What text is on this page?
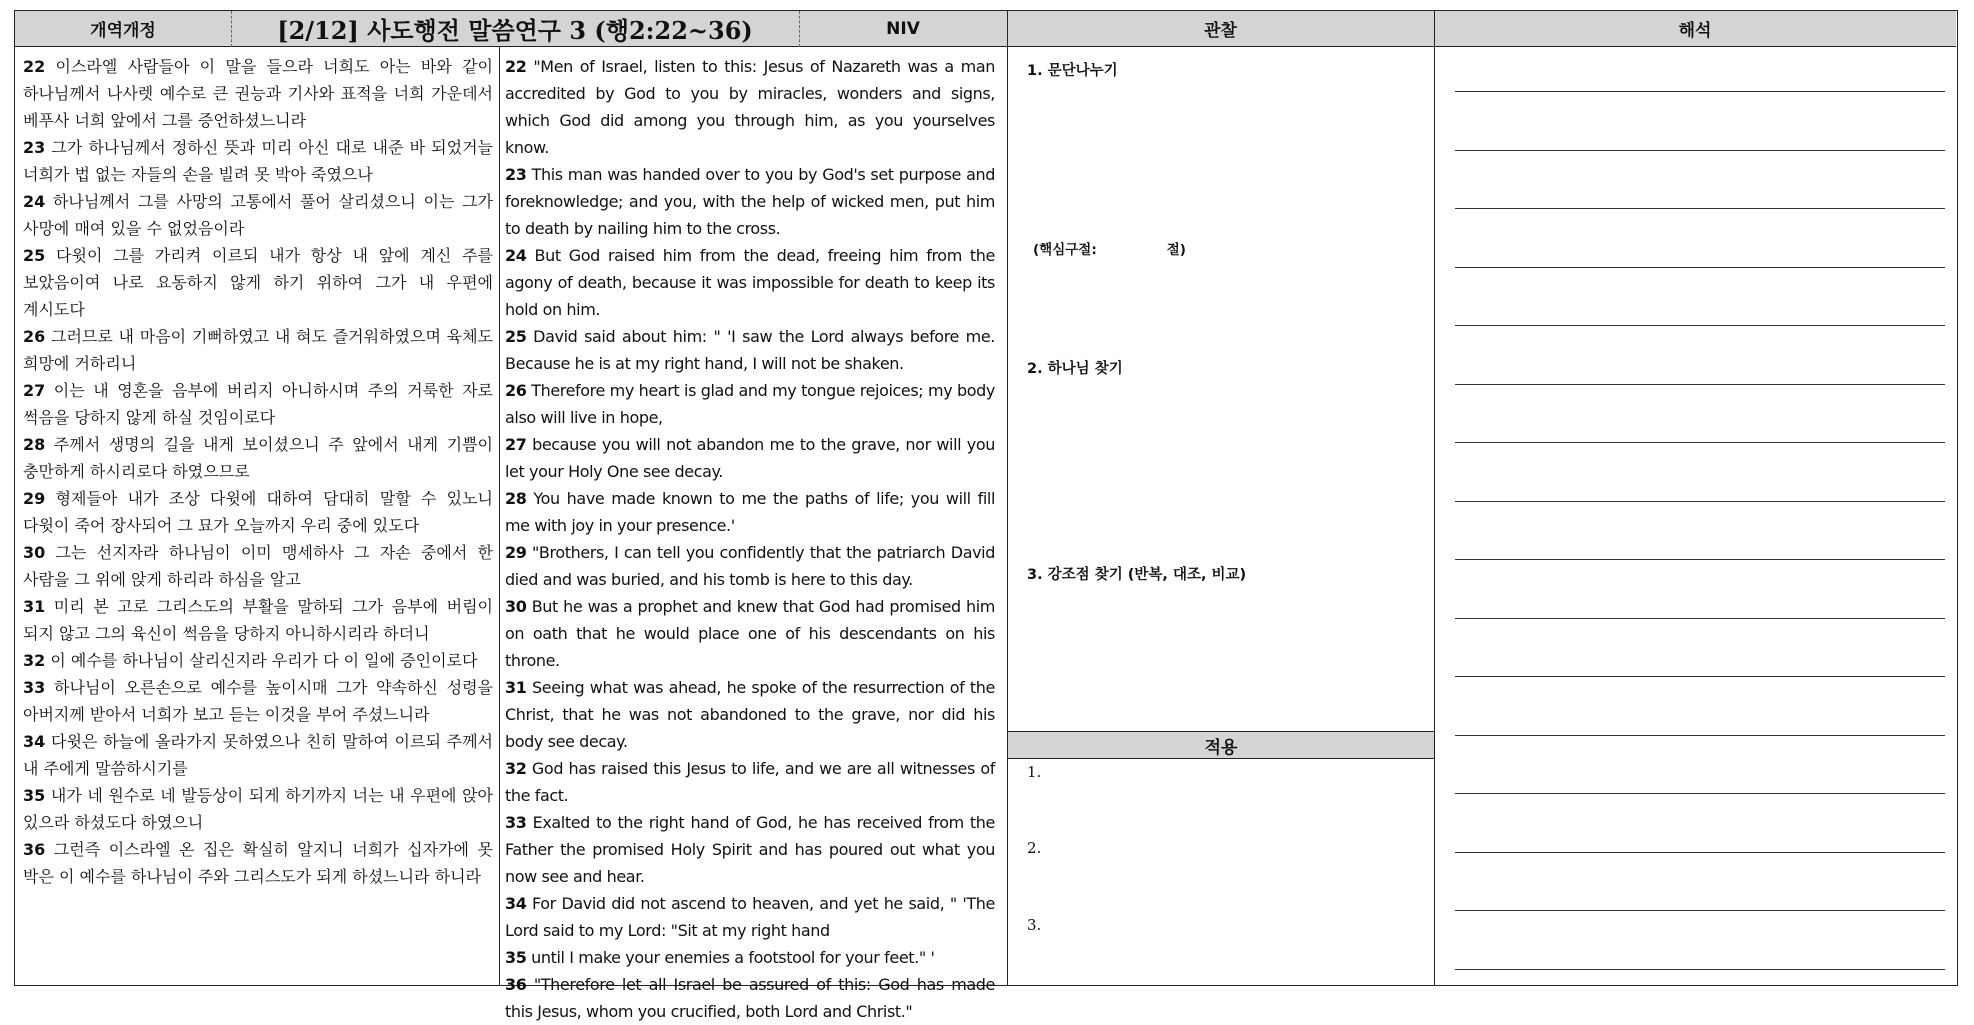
개역개정	[2/12] 사도행전 말씀연구 3 (행2:22~36)	NIV	관찰	해석
22 이스라엘 사람들아 이 말을 들으라 너희도 아는 바와 같이 하나님께서 나사렛 예수로 큰 권능과 기사와 표적을 너희 가운데서 베푸사 너희 앞에서 그를 증언하셨느니라
23 그가 하나님께서 정하신 뜻과 미리 아신 대로 내준 바 되었거늘 너희가 법 없는 자들의 손을 빌려 못 박아 죽였으나
24 하나님께서 그를 사망의 고통에서 풀어 살리셨으니 이는 그가 사망에 매여 있을 수 없었음이라
25 다윗이 그를 가리켜 이르되 내가 항상 내 앞에 계신 주를 보았음이여 나로 요동하지 않게 하기 위하여 그가 내 우편에 계시도다
26 그러므로 내 마음이 기뻐하였고 내 혀도 즐거워하였으며 육체도 희망에 거하리니
27 이는 내 영혼을 음부에 버리지 아니하시며 주의 거룩한 자로 썩음을 당하지 않게 하실 것임이로다
28 주께서 생명의 길을 내게 보이셨으니 주 앞에서 내게 기쁨이 충만하게 하시리로다 하였으므로
29 형제들아 내가 조상 다윗에 대하여 담대히 말할 수 있노니 다윗이 죽어 장사되어 그 묘가 오늘까지 우리 중에 있도다
30 그는 선지자라 하나님이 이미 맹세하사 그 자손 중에서 한 사람을 그 위에 앉게 하리라 하심을 알고
31 미리 본 고로 그리스도의 부활을 말하되 그가 음부에 버림이 되지 않고 그의 육신이 썩음을 당하지 아니하시리라 하더니
32 이 예수를 하나님이 살리신지라 우리가 다 이 일에 증인이로다
33 하나님이 오른손으로 예수를 높이시매 그가 약속하신 성령을 아버지께 받아서 너희가 보고 듣는 이것을 부어 주셨느니라
34 다윗은 하늘에 올라가지 못하였으나 친히 말하여 이르되 주께서 내 주에게 말씀하시기를
35 내가 네 원수로 네 발등상이 되게 하기까지 너는 내 우편에 앉아 있으라 하셨도다 하였으니
36 그런즉 이스라엘 온 집은 확실히 알지니 너희가 십자가에 못 박은 이 예수를 하나님이 주와 그리스도가 되게 하셨느니라 하니라
22 "Men of Israel, listen to this: Jesus of Nazareth was a man accredited by God to you by miracles, wonders and signs, which God did among you through him, as you yourselves know.
23 This man was handed over to you by God's set purpose and foreknowledge; and you, with the help of wicked men, put him to death by nailing him to the cross.
24 But God raised him from the dead, freeing him from the agony of death, because it was impossible for death to keep its hold on him.
25 David said about him: " 'I saw the Lord always before me. Because he is at my right hand, I will not be shaken.
26 Therefore my heart is glad and my tongue rejoices; my body also will live in hope,
27 because you will not abandon me to the grave, nor will you let your Holy One see decay.
28 You have made known to me the paths of life; you will fill me with joy in your presence.'
29 "Brothers, I can tell you confidently that the patriarch David died and was buried, and his tomb is here to this day.
30 But he was a prophet and knew that God had promised him on oath that he would place one of his descendants on his throne.
31 Seeing what was ahead, he spoke of the resurrection of the Christ, that he was not abandoned to the grave, nor did his body see decay.
32 God has raised this Jesus to life, and we are all witnesses of the fact.
33 Exalted to the right hand of God, he has received from the Father the promised Holy Spirit and has poured out what you now see and hear.
34 For David did not ascend to heaven, and yet he said, " 'The Lord said to my Lord: "Sit at my right hand
35 until I make your enemies a footstool for your feet." '
36 "Therefore let all Israel be assured of this: God has made this Jesus, whom you crucified, both Lord and Christ."
1. 문단나누기
(핵심구절:	절)
2. 하나님 찾기
3. 강조점 찾기 (반복, 대조, 비교)
적용
1.
2.
3.
